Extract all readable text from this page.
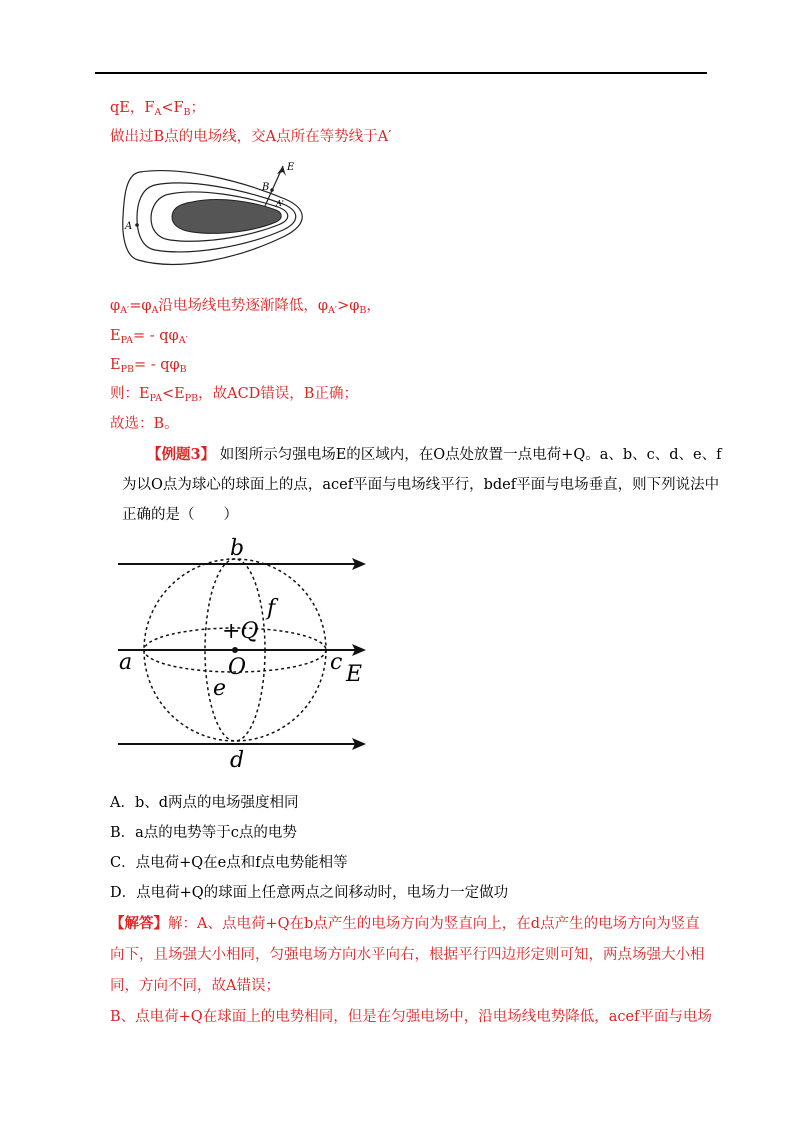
qE，$F_A<F_B$；
做出过B点的电场线，交A点所在等势线于A′
E
B
A'
A
$\varphi_{A'}=\varphi_A$沿电场线电势逐渐降低，$\varphi_{A'}>\varphi_B$，
$E_{PA}= - q\varphi_{A'}$
$E_{PB}= - q\varphi_B$
则：$E_{PA}<E_{PB}$，故ACD错误，B正确；
故选：B。
【例题3】 如图所示匀强电场E的区域内，在O点处放置一点电荷+Q。a、b、c、d、e、f
为以O点为球心的球面上的点，acef平面与电场线平行，bdef平面与电场垂直，则下列说法中
正确的是（　　）
b
d
a	c
e
f
+Q
O	E
A．b、d两点的电场强度相同
B．a点的电势等于c点的电势
C．点电荷+Q在e点和f点电势能相等
D．点电荷+Q的球面上任意两点之间移动时，电场力一定做功
【解答】解：A、点电荷+Q在b点产生的电场方向为竖直向上，在d点产生的电场方向为竖直
向下，且场强大小相同，匀强电场方向水平向右，根据平行四边形定则可知，两点场强大小相
同，方向不同，故A错误；
B、点电荷+Q在球面上的电势相同，但是在匀强电场中，沿电场线电势降低，acef平面与电场
